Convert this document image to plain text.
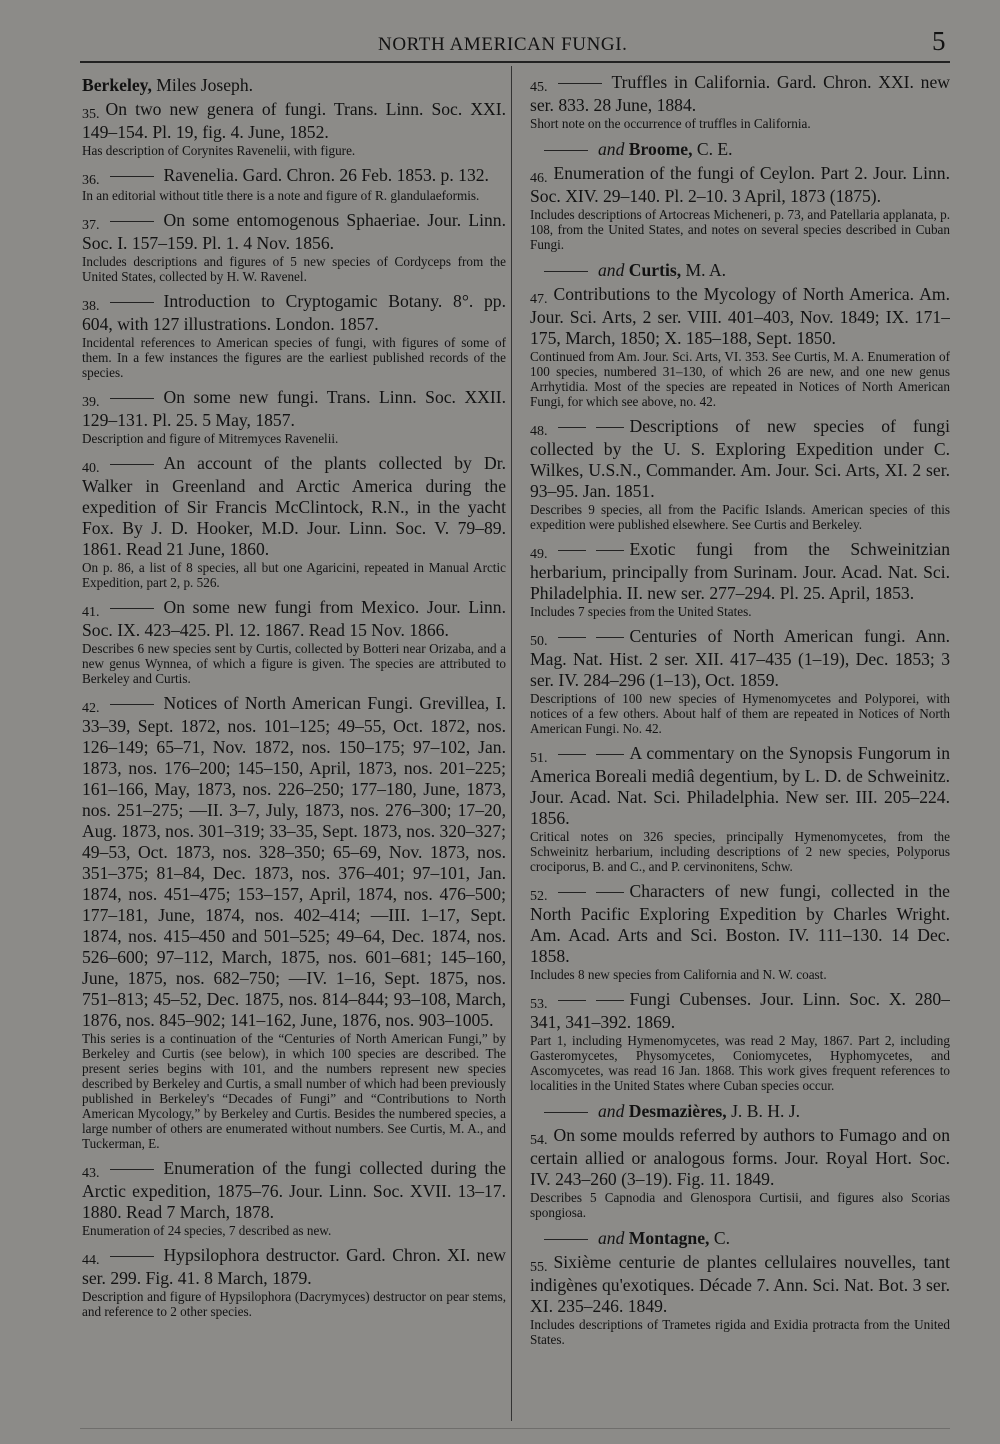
NORTH AMERICAN FUNGI.	5
Berkeley, Miles Joseph.

35. On two new genera of fungi. Trans. Linn. Soc. XXI. 149–154. Pl. 19, fig. 4. June, 1852.

Has description of Corynites Ravenelii, with figure.

36.	Ravenelia. Gard. Chron. 26 Feb. 1853. p. 132.

In an editorial without title there is a note and figure of R. glandulaeformis.

37.	On some entomogenous Sphaeriae. Jour. Linn. Soc. I. 157–159. Pl. 1. 4 Nov. 1856.

Includes descriptions and figures of 5 new species of Cordyceps from the United States, collected by H. W. Ravenel.

38.	Introduction to Cryptogamic Botany. 8°. pp. 604, with 127 illustrations. London. 1857.

Incidental references to American species of fungi, with figures of some of them. In a few instances the figures are the earliest published records of the species.

39.	On some new fungi. Trans. Linn. Soc. XXII. 129–131. Pl. 25. 5 May, 1857.

Description and figure of Mitremyces Ravenelii.

40.	An account of the plants collected by Dr. Walker in Greenland and Arctic America during the expedition of Sir Francis McClintock, R.N., in the yacht Fox. By J. D. Hooker, M.D. Jour. Linn. Soc. V. 79–89. 1861. Read 21 June, 1860.

On p. 86, a list of 8 species, all but one Agaricini, repeated in Manual Arctic Expedition, part 2, p. 526.

41.	On some new fungi from Mexico. Jour. Linn. Soc. IX. 423–425. Pl. 12. 1867. Read 15 Nov. 1866.

Describes 6 new species sent by Curtis, collected by Botteri near Orizaba, and a new genus Wynnea, of which a figure is given. The species are attributed to Berkeley and Curtis.

42.	Notices of North American Fungi. Grevillea, I. 33–39, Sept. 1872, nos. 101–125; 49–55, Oct. 1872, nos. 126–149; 65–71, Nov. 1872, nos. 150–175; 97–102, Jan. 1873, nos. 176–200; 145–150, April, 1873, nos. 201–225; 161–166, May, 1873, nos. 226–250; 177–180, June, 1873, nos. 251–275; —II. 3–7, July, 1873, nos. 276–300; 17–20, Aug. 1873, nos. 301–319; 33–35, Sept. 1873, nos. 320–327; 49–53, Oct. 1873, nos. 328–350; 65–69, Nov. 1873, nos. 351–375; 81–84, Dec. 1873, nos. 376–401; 97–101, Jan. 1874, nos. 451–475; 153–157, April, 1874, nos. 476–500; 177–181, June, 1874, nos. 402–414; —III. 1–17, Sept. 1874, nos. 415–450 and 501–525; 49–64, Dec. 1874, nos. 526–600; 97–112, March, 1875, nos. 601–681; 145–160, June, 1875, nos. 682–750; —IV. 1–16, Sept. 1875, nos. 751–813; 45–52, Dec. 1875, nos. 814–844; 93–108, March, 1876, nos. 845–902; 141–162, June, 1876, nos. 903–1005.

This series is a continuation of the “Centuries of North American Fungi,” by Berkeley and Curtis (see below), in which 100 species are described. The present series begins with 101, and the numbers represent new species described by Berkeley and Curtis, a small number of which had been previously published in Berkeley's “Decades of Fungi” and “Contributions to North American Mycology,” by Berkeley and Curtis. Besides the numbered species, a large number of others are enumerated without numbers. See Curtis, M. A., and Tuckerman, E.

43.	Enumeration of the fungi collected during the Arctic expedition, 1875–76. Jour. Linn. Soc. XVII. 13–17. 1880. Read 7 March, 1878.

Enumeration of 24 species, 7 described as new.

44.	Hypsilophora destructor. Gard. Chron. XI. new ser. 299. Fig. 41. 8 March, 1879.

Description and figure of Hypsilophora (Dacrymyces) destructor on pear stems, and reference to 2 other species.

45.	Truffles in California. Gard. Chron. XXI. new ser. 833. 28 June, 1884.

Short note on the occurrence of truffles in California.

and Broome, C. E.

46. Enumeration of the fungi of Ceylon. Part 2. Jour. Linn. Soc. XIV. 29–140. Pl. 2–10. 3 April, 1873 (1875).

Includes descriptions of Artocreas Micheneri, p. 73, and Patellaria applanata, p. 108, from the United States, and notes on several species described in Cuban Fungi.

and Curtis, M. A.

47. Contributions to the Mycology of North America. Am. Jour. Sci. Arts, 2 ser. VIII. 401–403, Nov. 1849; IX. 171–175, March, 1850; X. 185–188, Sept. 1850.

Continued from Am. Jour. Sci. Arts, VI. 353. See Curtis, M. A. Enumeration of 100 species, numbered 31–130, of which 26 are new, and one new genus Arrhytidia. Most of the species are repeated in Notices of North American Fungi, for which see above, no. 42.

48.	Descriptions of new species of fungi collected by the U. S. Exploring Expedition under C. Wilkes, U.S.N., Commander. Am. Jour. Sci. Arts, XI. 2 ser. 93–95. Jan. 1851.

Describes 9 species, all from the Pacific Islands. American species of this expedition were published elsewhere. See Curtis and Berkeley.

49.	Exotic fungi from the Schweinitzian herbarium, principally from Surinam. Jour. Acad. Nat. Sci. Philadelphia. II. new ser. 277–294. Pl. 25. April, 1853.

Includes 7 species from the United States.

50.	Centuries of North American fungi. Ann. Mag. Nat. Hist. 2 ser. XII. 417–435 (1–19), Dec. 1853; 3 ser. IV. 284–296 (1–13), Oct. 1859.

Descriptions of 100 new species of Hymenomycetes and Polyporei, with notices of a few others. About half of them are repeated in Notices of North American Fungi. No. 42.

51.	A commentary on the Synopsis Fungorum in America Boreali mediâ degentium, by L. D. de Schweinitz. Jour. Acad. Nat. Sci. Philadelphia. New ser. III. 205–224. 1856.

Critical notes on 326 species, principally Hymenomycetes, from the Schweinitz herbarium, including descriptions of 2 new species, Polyporus crociporus, B. and C., and P. cervinonitens, Schw.

52.	Characters of new fungi, collected in the North Pacific Exploring Expedition by Charles Wright. Am. Acad. Arts and Sci. Boston. IV. 111–130. 14 Dec. 1858.

Includes 8 new species from California and N. W. coast.

53.	Fungi Cubenses. Jour. Linn. Soc. X. 280–341, 341–392. 1869.

Part 1, including Hymenomycetes, was read 2 May, 1867. Part 2, including Gasteromycetes, Physomycetes, Coniomycetes, Hyphomycetes, and Ascomycetes, was read 16 Jan. 1868. This work gives frequent references to localities in the United States where Cuban species occur.

and Desmazières, J. B. H. J.

54. On some moulds referred by authors to Fumago and on certain allied or analogous forms. Jour. Royal Hort. Soc. IV. 243–260 (3–19). Fig. 11. 1849.

Describes 5 Capnodia and Glenospora Curtisii, and figures also Scorias spongiosa.

and Montagne, C.

55. Sixième centurie de plantes cellulaires nouvelles, tant indigènes qu'exotiques. Décade 7. Ann. Sci. Nat. Bot. 3 ser. XI. 235–246. 1849.

Includes descriptions of Trametes rigida and Exidia protracta from the United States.
